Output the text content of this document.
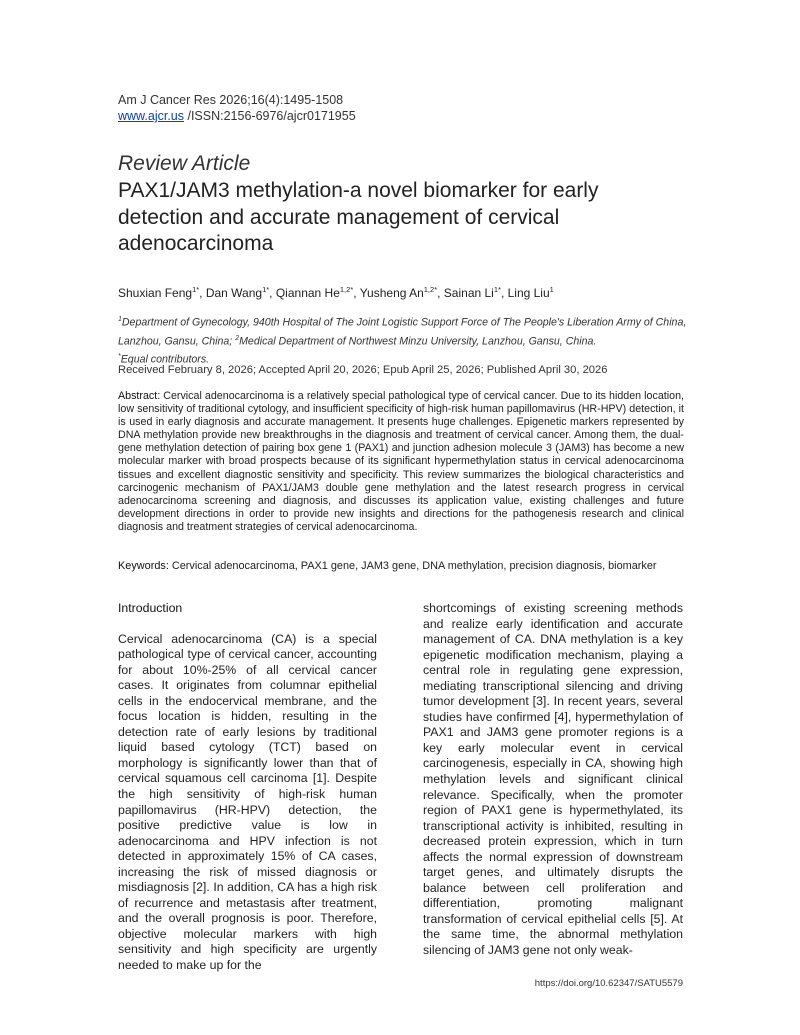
Am J Cancer Res 2026;16(4):1495-1508
www.ajcr.us /ISSN:2156-6976/ajcr0171955
Review Article
PAX1/JAM3 methylation-a novel biomarker for early detection and accurate management of cervical adenocarcinoma
Shuxian Feng$^{1*}$, Dan Wang$^{1*}$, Qiannan $He^{1,2*}$, Yusheng $An^{1,2*}$, Sainan $Li^{1*}$, Ling Liu$^1$
$^1$Department of Gynecology, 940th Hospital of The Joint Logistic Support Force of The People's Liberation Army of China, Lanzhou, Gansu, China; $^2$Medical Department of Northwest Minzu University, Lanzhou, Gansu, China.
*Equal contributors.
Received February 8, 2026; Accepted April 20, 2026; Epub April 25, 2026; Published April 30, 2026
Abstract: Cervical adenocarcinoma is a relatively special pathological type of cervical cancer. Due to its hidden location, low sensitivity of traditional cytology, and insufficient specificity of high-risk human papillomavirus (HR-HPV) detection, it is used in early diagnosis and accurate management. It presents huge challenges. Epigenetic markers represented by DNA methylation provide new breakthroughs in the diagnosis and treatment of cervical cancer. Among them, the dual-gene methylation detection of pairing box gene 1 (PAX1) and junction adhesion molecule 3 (JAM3) has become a new molecular marker with broad prospects because of its significant hypermethylation status in cervical adenocarcinoma tissues and excellent diagnostic sensitivity and specificity. This review summarizes the biological characteristics and carcinogenic mechanism of PAX1/JAM3 double gene methylation and the latest research progress in cervical adenocarcinoma screening and diagnosis, and discusses its application value, existing challenges and future development directions in order to provide new insights and directions for the pathogenesis research and clinical diagnosis and treatment strategies of cervical adenocarcinoma.
Keywords: Cervical adenocarcinoma, PAX1 gene, JAM3 gene, DNA methylation, precision diagnosis, biomarker
Introduction

Cervical adenocarcinoma (CA) is a special pathological type of cervical cancer, accounting for about 10%-25% of all cervical cancer cases. It originates from columnar epithelial cells in the endocervical membrane, and the focus location is hidden, resulting in the detection rate of early lesions by traditional liquid based cytology (TCT) based on morphology is significantly lower than that of cervical squamous cell carcinoma [1]. Despite the high sensitivity of high-risk human papillomavirus (HR-HPV) detection, the positive predictive value is low in adenocarcinoma and HPV infection is not detected in approximately 15% of CA cases, increasing the risk of missed diagnosis or misdiagnosis [2]. In addition, CA has a high risk of recurrence and metastasis after treatment, and the overall prognosis is poor. Therefore, objective molecular markers with high sensitivity and high specificity are urgently needed to make up for the

shortcomings of existing screening methods and realize early identification and accurate management of CA. DNA methylation is a key epigenetic modification mechanism, playing a central role in regulating gene expression, mediating transcriptional silencing and driving tumor development [3]. In recent years, several studies have confirmed [4], hypermethylation of PAX1 and JAM3 gene promoter regions is a key early molecular event in cervical carcinogenesis, especially in CA, showing high methylation levels and significant clinical relevance. Specifically, when the promoter region of PAX1 gene is hypermethylated, its transcriptional activity is inhibited, resulting in decreased protein expression, which in turn affects the normal expression of downstream target genes, and ultimately disrupts the balance between cell proliferation and differentiation, promoting malignant transformation of cervical epithelial cells [5]. At the same time, the abnormal methylation silencing of JAM3 gene not only weak-

https://doi.org/10.62347/SATU5579
